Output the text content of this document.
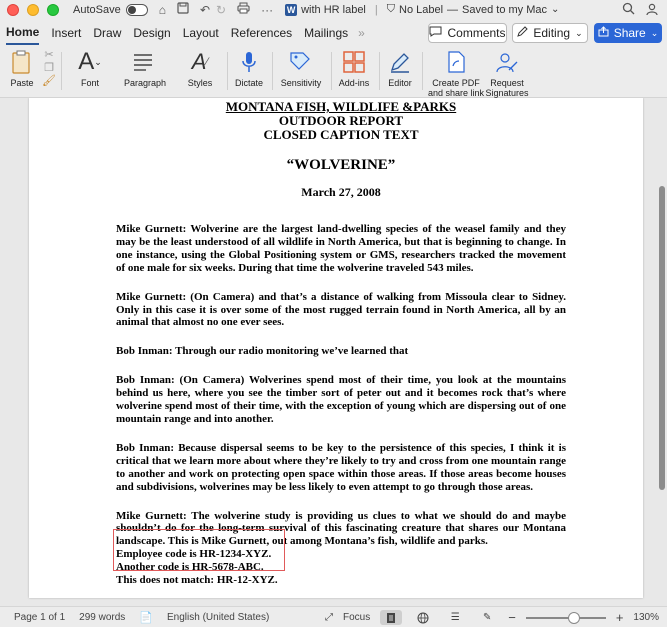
AutoSave	⌂	↶ ↻	··· W with HR label | ⛉ No Label — Saved to my Mac ⌄
Home Insert Draw Design Layout References Mailings »	Comments Editing ⌄	Share ⌄
Paste
✂
❐
🖌
A ⌄
Font	Paragraph
A ∕
Styles	Dictate Sensitivity Add-ins Editor Create PDF
and share link
Request
Signatures
MONTANA FISH, WILDLIFE &PARKS
OUTDOOR REPORT
CLOSED CAPTION TEXT
“WOLVERINE”
March 27, 2008

Mike Gurnett: Wolverine are the largest land-dwelling species of the weasel family and they may be the least understood of all wildlife in North America, but that is beginning to change. In one instance, using the Global Positioning system or GMS, researchers tracked the movement of one male for six weeks. During that time the wolverine traveled 543 miles.

Mike Gurnett: (On Camera) and that’s a distance of walking from Missoula clear to Sidney. Only in this case it is over some of the most rugged terrain found in North America, all by an animal that almost no one ever sees.

Bob Inman: Through our radio monitoring we’ve learned that

Bob Inman: (On Camera) Wolverines spend most of their time, you look at the mountains behind us here, where you see the timber sort of peter out and it becomes rock that’s where wolverine spend most of their time, with the exception of young which are dispersing out of one mountain range and into another.

Bob Inman: Because dispersal seems to be key to the persistence of this species, I think it is critical that we learn more about where they’re likely to try and cross from one mountain range to another and work on protecting open space within those areas. If those areas become houses and subdivisions, wolverines may be less likely to even attempt to go through those areas.

Mike Gurnett: The wolverine study is providing us clues to what we should do and maybe shouldn’t do for the long-term survival of this fascinating creature that shares our Montana landscape. This is Mike Gurnett, out among Montana’s fish, wildlife and parks.

Employee code is HR-1234-XYZ.
Another code is HR-5678-ABC.
This does not match: HR-12-XYZ.
Page 1 of 1 299 words 📄 English (United States)	⤢ Focus	☰	✎	−	+ 130%
